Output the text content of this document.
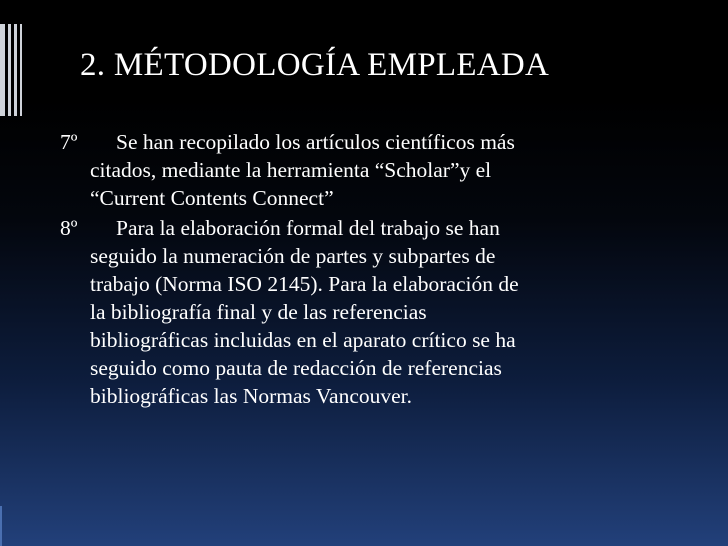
2. MÉTODOLOGÍA EMPLEADA

7º Se han recopilado los artículos científicos más
citados, mediante la herramienta “Scholar”y el
“Current Contents Connect”

8º Para la elaboración formal del trabajo se han
seguido la numeración de partes y subpartes de
trabajo (Norma ISO 2145). Para la elaboración de
la bibliografía final y de las referencias
bibliográficas incluidas en el aparato crítico se ha
seguido como pauta de redacción de referencias
bibliográficas las Normas Vancouver.
